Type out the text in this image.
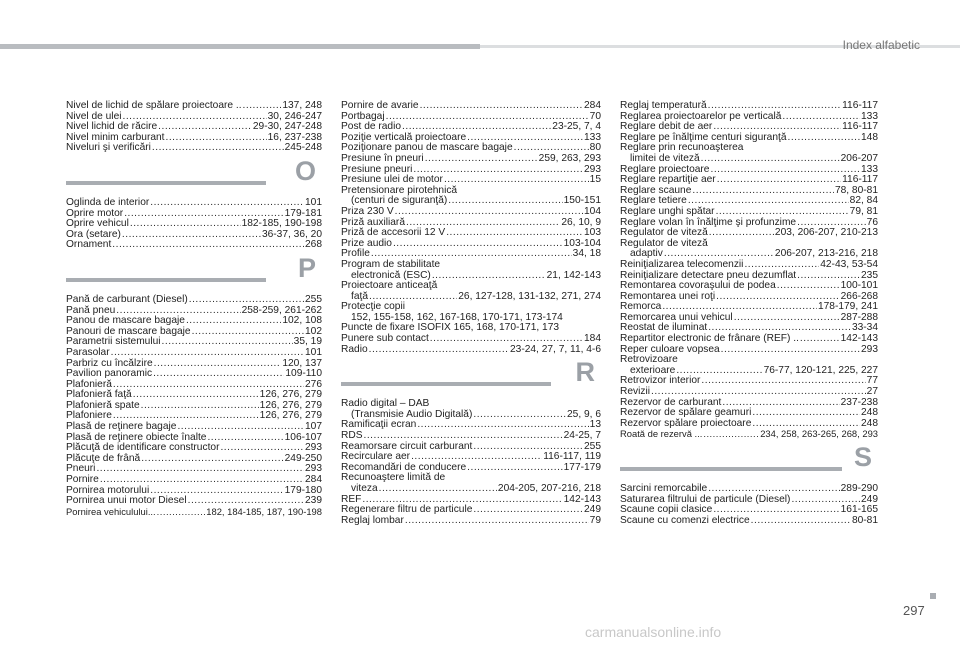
Index alfabetic
Nivel de lichid de spălare proiectoare .. .....	137, 248
Nivel de ulei .....	30, 246-247
Nivel lichid de răcire .....	29-30, 247-248
Nivel minim carburant .....	16, 237-238
Niveluri şi verificări .....	245-248
O
Oglinda de interior .....	101
Oprire motor .....	179-181
Oprire vehicul .....	182-185, 190-198
Ora (setare) .....	36-37, 36, 20
Ornament .....	268
P
Pană de carburant (Diesel) .....	255
Pană pneu .....	258-259, 261-262
Panou de mascare bagaje .....	102, 108
Panouri de mascare bagaje .....	102
Parametrii sistemului .....	35, 19
Parasolar .....	101
Parbriz cu încălzire .....	120, 137
Pavilion panoramic .....	109-110
Plafonieră .....	276
Plafonieră faţă .....	126, 276, 279
Plafonieră spate .....	126, 276, 279
Plafoniere .....	126, 276, 279
Plasă de reţinere bagaje .....	107
Plasă de reţinere obiecte înalte .....	106-107
Plăcuţă de identificare constructor .....	293
Plăcuţe de frână .....	249-250
Pneuri .....	293
Pornire .....	284
Pornirea motorului .....	179-180
Pornirea unui motor Diesel .....	239
Pornirea vehiculului... .....	182, 184-185, 187, 190-198
Pornire de avarie .....	284
Portbagaj .....	70
Post de radio .....	23-25, 7, 4
Poziţie verticală proiectoare .....	133
Poziţionare panou de mascare bagaje .....	80
Presiune în pneuri .....	259, 263, 293
Presiune pneuri .....	293
Presiune ulei de motor .....	15
Pretensionare pirotehnică
(centuri de siguranţă) .....	150-151
Priza 230 V .....	104
Priză auxiliară .....	26, 10, 9
Priză de accesorii 12 V .....	103
Prize audio .....	103-104
Profile .....	34, 18
Program de stabilitate
electronică (ESC) .....	21, 142-143
Proiectoare anticeaţă
faţă .....	26, 127-128, 131-132, 271, 274
Protecţie copii
152, 155-158, 162, 167-168, 170-171, 173-174
Puncte de fixare ISOFIX 165, 168, 170-171, 173
Punere sub contact .....	184
Radio .....	23-24, 27, 7, 11, 4-6
R
Radio digital – DAB
(Transmisie Audio Digitală) .....	25, 9, 6
Ramificaţii ecran .....	13
RDS .....	24-25, 7
Reamorsare circuit carburant .....	255
Recirculare aer .....	116-117, 119
Recomandări de conducere .....	177-179
Recunoaştere limită de
viteza .....	204-205, 207-216, 218
REF .....	142-143
Regenerare filtru de particule .....	249
Reglaj lombar .....	79
Reglaj temperatură .....	116-117
Reglarea proiectoarelor pe verticală .....	133
Reglare debit de aer .....	116-117
Reglare pe înălţime centuri siguranţă .....	148
Reglare prin recunoaşterea
limitei de viteză .....	206-207
Reglare proiectoare .....	133
Reglare repartiţie aer .....	116-117
Reglare scaune .....	78, 80-81
Reglare tetiere .....	82, 84
Reglare unghi spătar .....	79, 81
Reglare volan în înălţime şi profunzime .....	76
Regulator de viteză .....	203, 206-207, 210-213
Regulator de viteză
adaptiv .....	206-207, 213-216, 218
Reiniţializarea telecomenzii .....	42-43, 53-54
Reiniţializare detectare pneu dezumflat .....	235
Remontarea covoraşului de podea .....	100-101
Remontarea unei roţi .....	266-268
Remorca .....	178-179, 241
Remorcarea unui vehicul .....	287-288
Reostat de iluminat .....	33-34
Repartitor electronic de frânare (REF) .. .....	142-143
Reper culoare vopsea .....	293
Retrovizoare
exterioare .....	76-77, 120-121, 225, 227
Retrovizor interior .....	77
Revizii .....	27
Rezervor de carburant .....	237-238
Rezervor de spălare geamuri .....	248
Rezervor spălare proiectoare .....	248
Roată de rezervă ... .....	234, 258, 263-265, 268, 293
S
Sarcini remorcabile .....	289-290
Saturarea filtrului de particule (Diesel) .....	249
Scaune copii clasice .....	161-165
Scaune cu comenzi electrice .....	80-81
297
carmanualsonline.info
